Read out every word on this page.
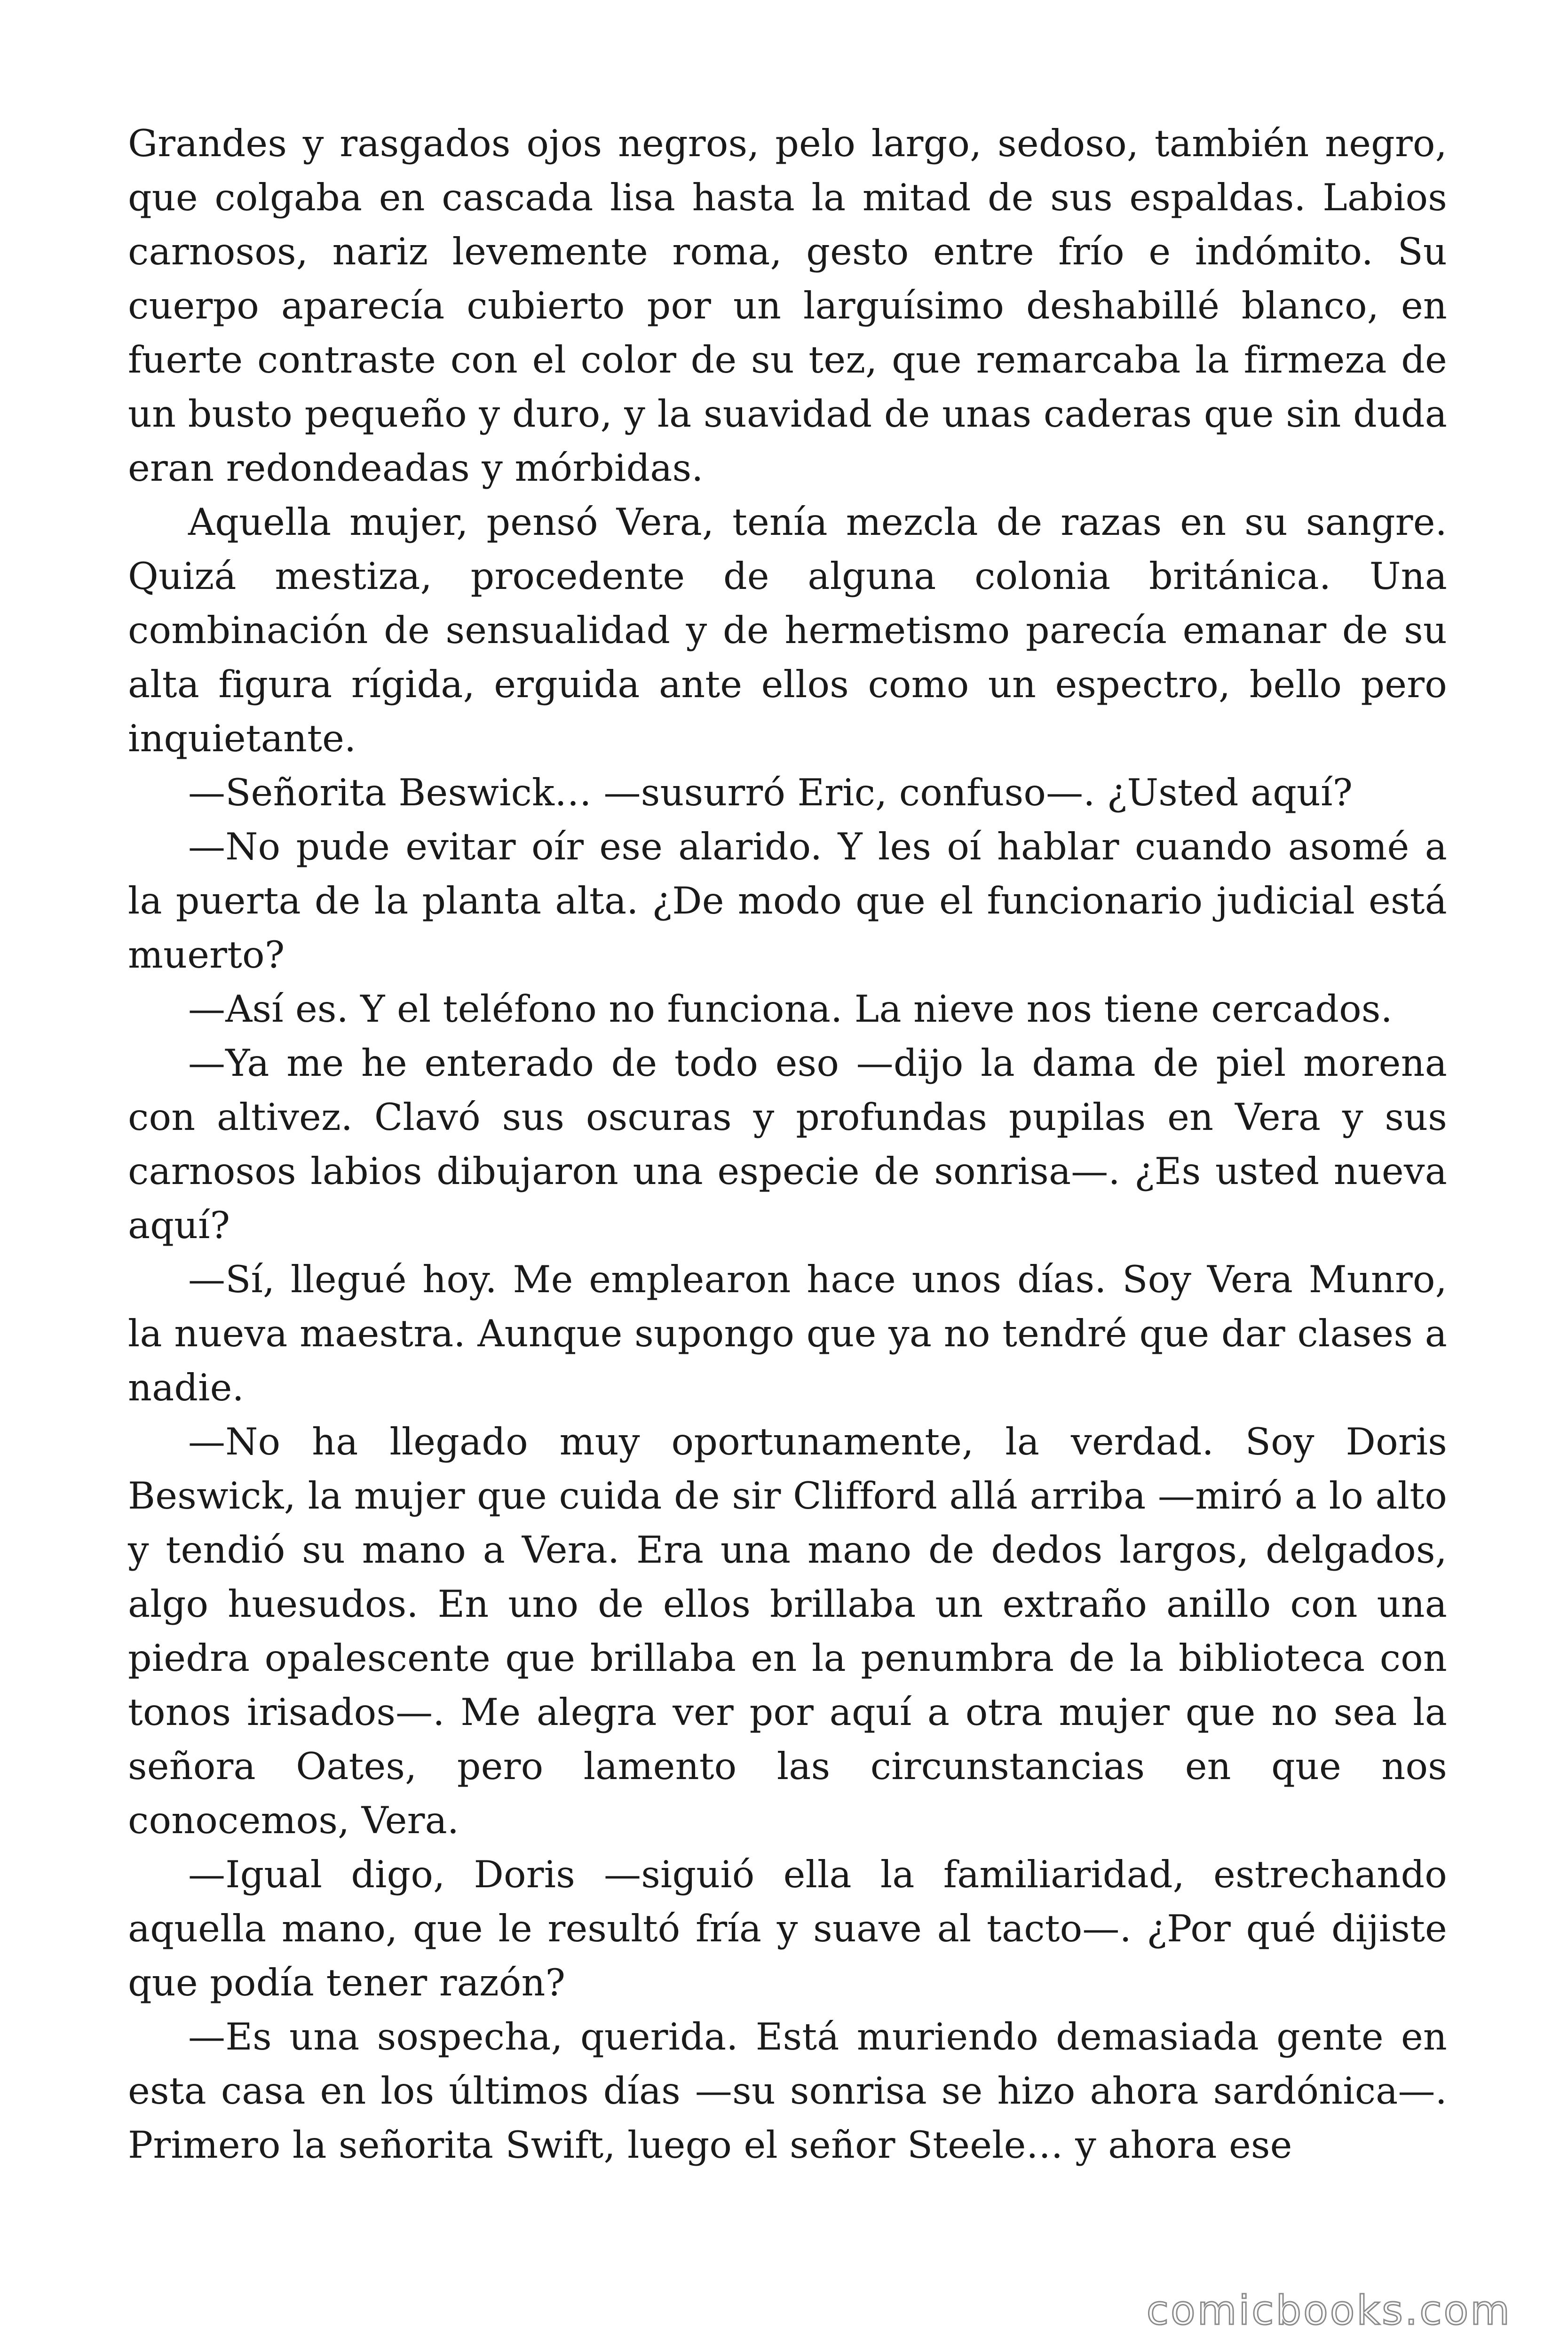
Grandes y rasgados ojos negros, pelo largo, sedoso, también negro, que colgaba en cascada lisa hasta la mitad de sus espaldas. Labios carnosos, nariz levemente roma, gesto entre frío e indómito. Su cuerpo aparecía cubierto por un larguísimo deshabillé blanco, en fuerte contraste con el color de su tez, que remarcaba la firmeza de un busto pequeño y duro, y la suavidad de unas caderas que sin duda eran redondeadas y mórbidas.

Aquella mujer, pensó Vera, tenía mezcla de razas en su sangre. Quizá mestiza, procedente de alguna colonia británica. Una combinación de sensualidad y de hermetismo parecía emanar de su alta figura rígida, erguida ante ellos como un espectro, bello pero inquietante.

—Señorita Beswick… —susurró Eric, confuso—. ¿Usted aquí?

—No pude evitar oír ese alarido. Y les oí hablar cuando asomé a la puerta de la planta alta. ¿De modo que el funcionario judicial está muerto?

—Así es. Y el teléfono no funciona. La nieve nos tiene cercados.

—Ya me he enterado de todo eso —dijo la dama de piel morena con altivez. Clavó sus oscuras y profundas pupilas en Vera y sus carnosos labios dibujaron una especie de sonrisa—. ¿Es usted nueva aquí?

—Sí, llegué hoy. Me emplearon hace unos días. Soy Vera Munro, la nueva maestra. Aunque supongo que ya no tendré que dar clases a nadie.

—No ha llegado muy oportunamente, la verdad. Soy Doris Beswick, la mujer que cuida de sir Clifford allá arriba —miró a lo alto y tendió su mano a Vera. Era una mano de dedos largos, delgados, algo huesudos. En uno de ellos brillaba un extraño anillo con una piedra opalescente que brillaba en la penumbra de la biblioteca con tonos irisados—. Me alegra ver por aquí a otra mujer que no sea la señora Oates, pero lamento las circunstancias en que nos conocemos, Vera.

—Igual digo, Doris —siguió ella la familiaridad, estrechando aquella mano, que le resultó fría y suave al tacto—. ¿Por qué dijiste que podía tener razón?

—Es una sospecha, querida. Está muriendo demasiada gente en esta casa en los últimos días —su sonrisa se hizo ahora sardónica—. Primero la señorita Swift, luego el señor Steele… y ahora ese

comicbooks.com
